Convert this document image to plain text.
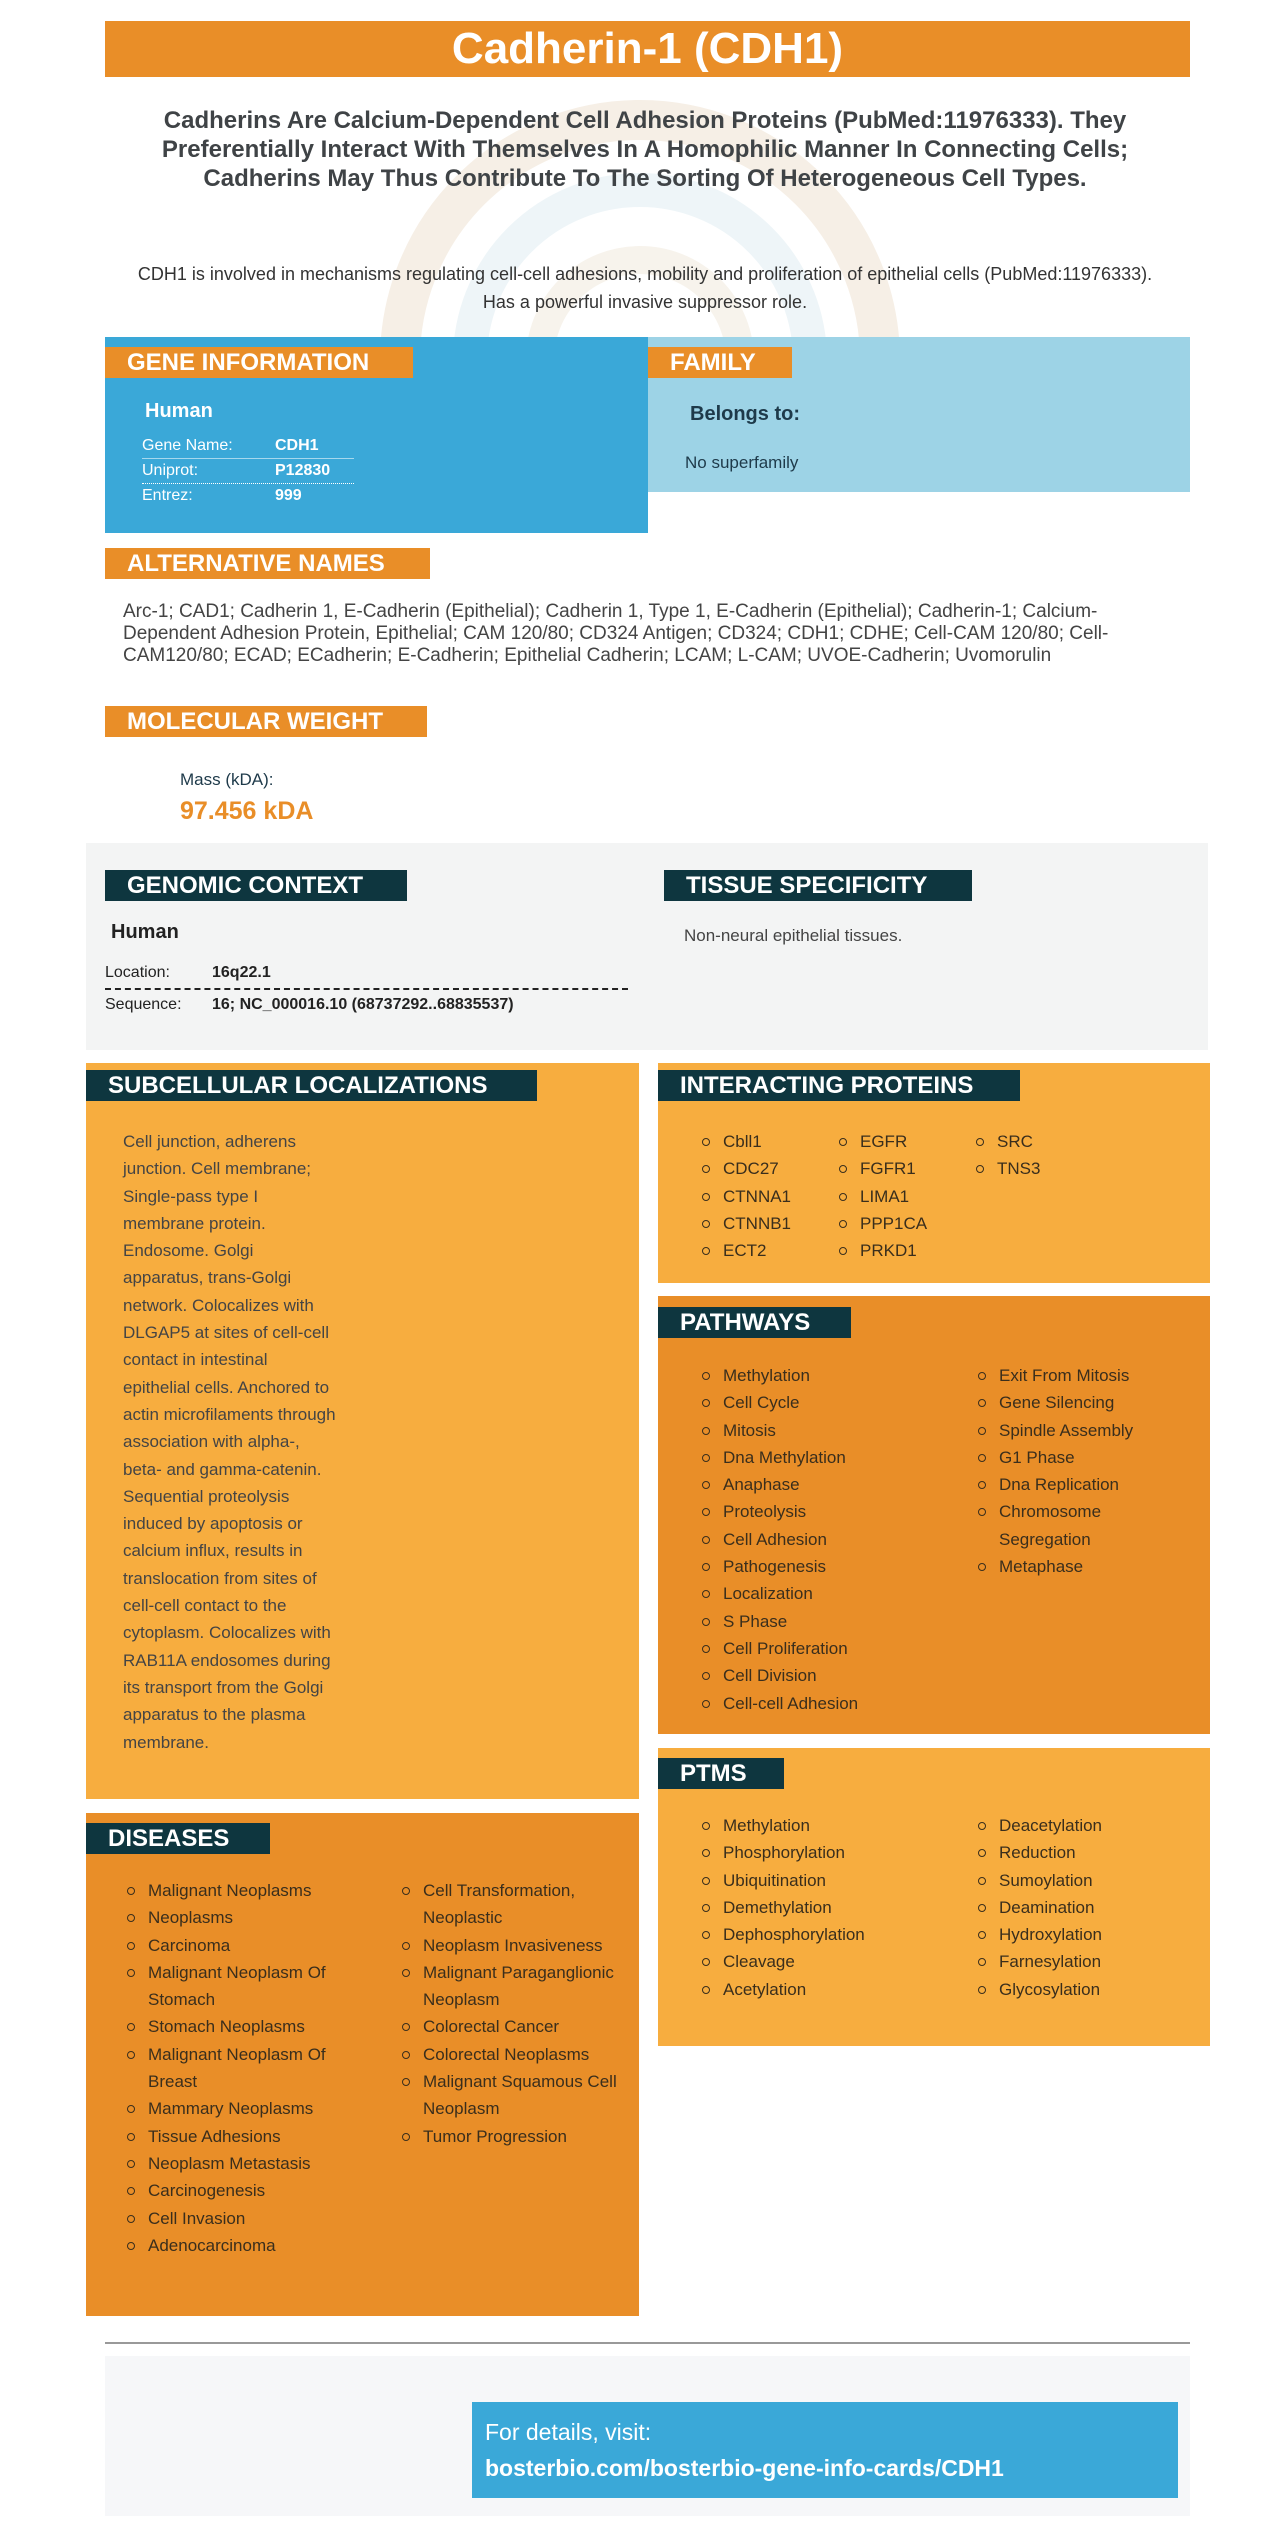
Cadherin-1 (CDH1)
Cadherins Are Calcium-Dependent Cell Adhesion Proteins (PubMed:11976333). They Preferentially Interact With Themselves In A Homophilic Manner In Connecting Cells; Cadherins May Thus Contribute To The Sorting Of Heterogeneous Cell Types.
CDH1 is involved in mechanisms regulating cell-cell adhesions, mobility and proliferation of epithelial cells (PubMed:11976333). Has a powerful invasive suppressor role.
GENE INFORMATION
Human
Gene Name:	CDH1
Uniprot:	P12830
Entrez:	999
FAMILY
Belongs to:
No superfamily
ALTERNATIVE NAMES
Arc-1; CAD1; Cadherin 1, E-Cadherin (Epithelial); Cadherin 1, Type 1, E-Cadherin (Epithelial); Cadherin-1; Calcium-Dependent Adhesion Protein, Epithelial; CAM 120/80; CD324 Antigen; CD324; CDH1; CDHE; Cell-CAM 120/80; Cell-CAM120/80; ECAD; ECadherin; E-Cadherin; Epithelial Cadherin; LCAM; L-CAM; UVOE-Cadherin; Uvomorulin
MOLECULAR WEIGHT
Mass (kDA):
97.456 kDA
GENOMIC CONTEXT
Human
Location:	16q22.1
Sequence:	16; NC_000016.10 (68737292..68835537)
TISSUE SPECIFICITY
Non-neural epithelial tissues.
SUBCELLULAR LOCALIZATIONS
Cell junction, adherens junction. Cell membrane; Single-pass type I membrane protein. Endosome. Golgi apparatus, trans-Golgi network. Colocalizes with DLGAP5 at sites of cell-cell contact in intestinal epithelial cells. Anchored to actin microfilaments through association with alpha-, beta- and gamma-catenin. Sequential proteolysis induced by apoptosis or calcium influx, results in translocation from sites of cell-cell contact to the cytoplasm. Colocalizes with RAB11A endosomes during its transport from the Golgi apparatus to the plasma membrane.
DISEASES
Malignant Neoplasms
Neoplasms
Carcinoma
Malignant Neoplasm Of Stomach
Stomach Neoplasms
Malignant Neoplasm Of Breast
Mammary Neoplasms
Tissue Adhesions
Neoplasm Metastasis
Carcinogenesis
Cell Invasion
Adenocarcinoma
Cell Transformation, Neoplastic
Neoplasm Invasiveness
Malignant Paraganglionic Neoplasm
Colorectal Cancer
Colorectal Neoplasms
Malignant Squamous Cell Neoplasm
Tumor Progression
INTERACTING PROTEINS
Cbll1
CDC27
CTNNA1
CTNNB1
ECT2
EGFR
FGFR1
LIMA1
PPP1CA
PRKD1
SRC
TNS3
PATHWAYS
Methylation
Cell Cycle
Mitosis
Dna Methylation
Anaphase
Proteolysis
Cell Adhesion
Pathogenesis
Localization
S Phase
Cell Proliferation
Cell Division
Cell-cell Adhesion
Exit From Mitosis
Gene Silencing
Spindle Assembly
G1 Phase
Dna Replication
Chromosome Segregation
Metaphase
PTMS
Methylation
Phosphorylation
Ubiquitination
Demethylation
Dephosphorylation
Cleavage
Acetylation
Deacetylation
Reduction
Sumoylation
Deamination
Hydroxylation
Farnesylation
Glycosylation
For details, visit:
bosterbio.com/bosterbio-gene-info-cards/CDH1
